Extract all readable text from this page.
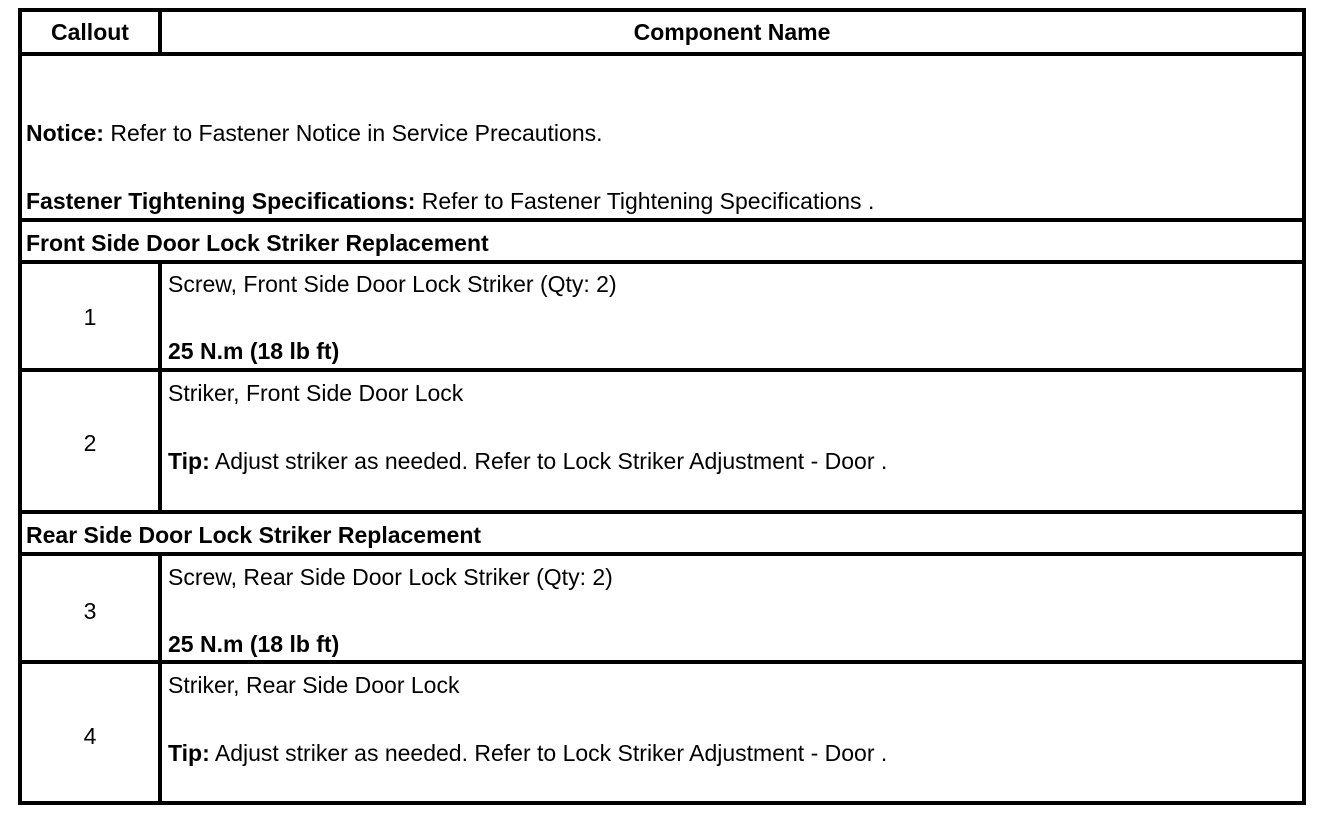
Callout	Component Name
Notice: Refer to Fastener Notice in Service Precautions.
Fastener Tightening Specifications: Refer to Fastener Tightening Specifications .
Front Side Door Lock Striker Replacement
1
Screw, Front Side Door Lock Striker (Qty: 2)
25 N.m (18 lb ft)
2
Striker, Front Side Door Lock
Tip: Adjust striker as needed. Refer to Lock Striker Adjustment - Door .
Rear Side Door Lock Striker Replacement
3
Screw, Rear Side Door Lock Striker (Qty: 2)
25 N.m (18 lb ft)
4
Striker, Rear Side Door Lock
Tip: Adjust striker as needed. Refer to Lock Striker Adjustment - Door .
